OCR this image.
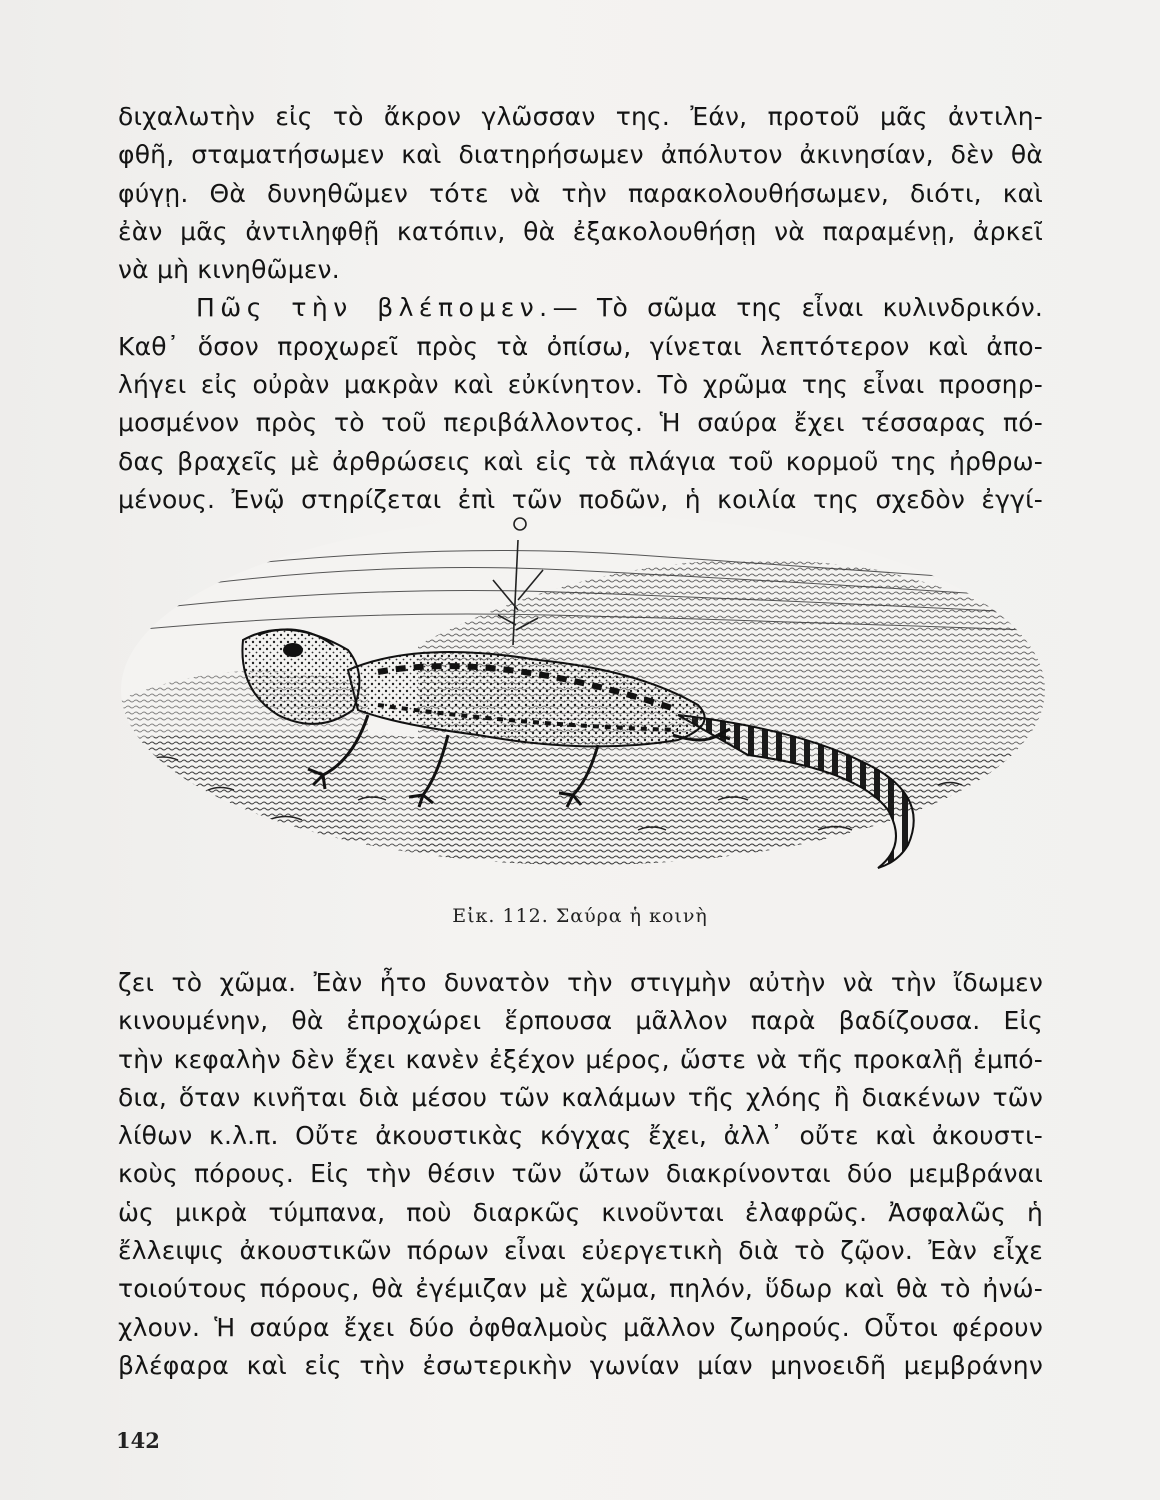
διχαλωτὴν εἰς τὸ ἄκρον γλῶσσαν της. Ἐάν, προτοῦ μᾶς ἀντιλη-
φθῆ, σταματήσωμεν καὶ διατηρήσωμεν ἀπόλυτον ἀκινησίαν, δὲν θὰ
φύγῃ. Θὰ δυνηθῶμεν τότε νὰ τὴν παρακολουθήσωμεν, διότι, καὶ
ἐὰν μᾶς ἀντιληφθῇ κατόπιν, θὰ ἐξακολουθήσῃ νὰ παραμένῃ, ἀρκεῖ
νὰ μὴ κινηθῶμεν.
Πῶς τὴν βλέπομεν.— Τὸ σῶμα της εἶναι κυλινδρικόν.
Καθ᾽ ὅσον προχωρεῖ πρὸς τὰ ὀπίσω, γίνεται λεπτότερον καὶ ἀπο-
λήγει εἰς οὐρὰν μακρὰν καὶ εὐκίνητον. Τὸ χρῶμα της εἶναι προσηρ-
μοσμένον πρὸς τὸ τοῦ περιβάλλοντος. Ἡ σαύρα ἔχει τέσσαρας πό-
δας βραχεῖς μὲ ἀρθρώσεις καὶ εἰς τὰ πλάγια τοῦ κορμοῦ της ἠρθρω-
μένους. Ἐνῷ στηρίζεται ἐπὶ τῶν ποδῶν, ἡ κοιλία της σχεδὸν ἐγγί-
Εἰκ. 112. Σαύρα ἡ κοινὴ
ζει τὸ χῶμα. Ἐὰν ἦτο δυνατὸν τὴν στιγμὴν αὐτὴν νὰ τὴν ἴδωμεν
κινουμένην, θὰ ἐπροχώρει ἕρπουσα μᾶλλον παρὰ βαδίζουσα. Εἰς
τὴν κεφαλὴν δὲν ἔχει κανὲν ἐξέχον μέρος, ὥστε νὰ τῆς προκαλῇ ἐμπό-
δια, ὅταν κινῆται διὰ μέσου τῶν καλάμων τῆς χλόης ἢ διακένων τῶν
λίθων κ.λ.π. Οὔτε ἀκουστικὰς κόγχας ἔχει, ἀλλ᾽ οὔτε καὶ ἀκουστι-
κοὺς πόρους. Εἰς τὴν θέσιν τῶν ὤτων διακρίνονται δύο μεμβράναι
ὡς μικρὰ τύμπανα, ποὺ διαρκῶς κινοῦνται ἐλαφρῶς. Ἀσφαλῶς ἡ
ἔλλειψις ἀκουστικῶν πόρων εἶναι εὐεργετικὴ διὰ τὸ ζῷον. Ἐὰν εἶχε
τοιούτους πόρους, θὰ ἐγέμιζαν μὲ χῶμα, πηλόν, ὕδωρ καὶ θὰ τὸ ἠνώ-
χλουν. Ἡ σαύρα ἔχει δύο ὀφθαλμοὺς μᾶλλον ζωηρούς. Οὗτοι φέρουν
βλέφαρα καὶ εἰς τὴν ἐσωτερικὴν γωνίαν μίαν μηνοειδῆ μεμβράνην
142
